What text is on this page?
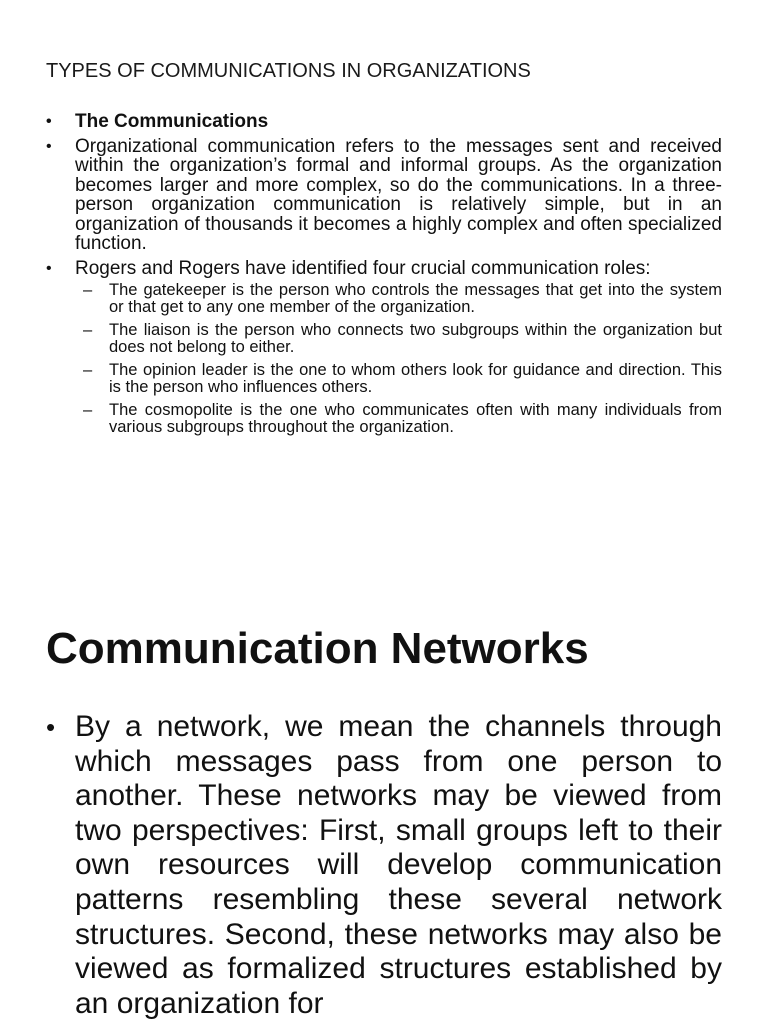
TYPES OF COMMUNICATIONS IN ORGANIZATIONS
• The Communications
• Organizational communication refers to the messages sent and received within the organization’s formal and informal groups. As the organization becomes larger and more complex, so do the communications. In a three-person organization communication is relatively simple, but in an organization of thousands it becomes a highly complex and often specialized function.
• Rogers and Rogers have identified four crucial communication roles:
– The gatekeeper is the person who controls the messages that get into the system or that get to any one member of the organization.
– The liaison is the person who connects two subgroups within the organization but does not belong to either.
– The opinion leader is the one to whom others look for guidance and direction. This is the person who influences others.
– The cosmopolite is the one who communicates often with many individuals from various subgroups throughout the organization.
Communication Networks
• By a network, we mean the channels through which messages pass from one person to another. These networks may be viewed from two perspectives: First, small groups left to their own resources will develop communication patterns resembling these several network structures. Second, these networks may also be viewed as formalized structures established by an organization for
